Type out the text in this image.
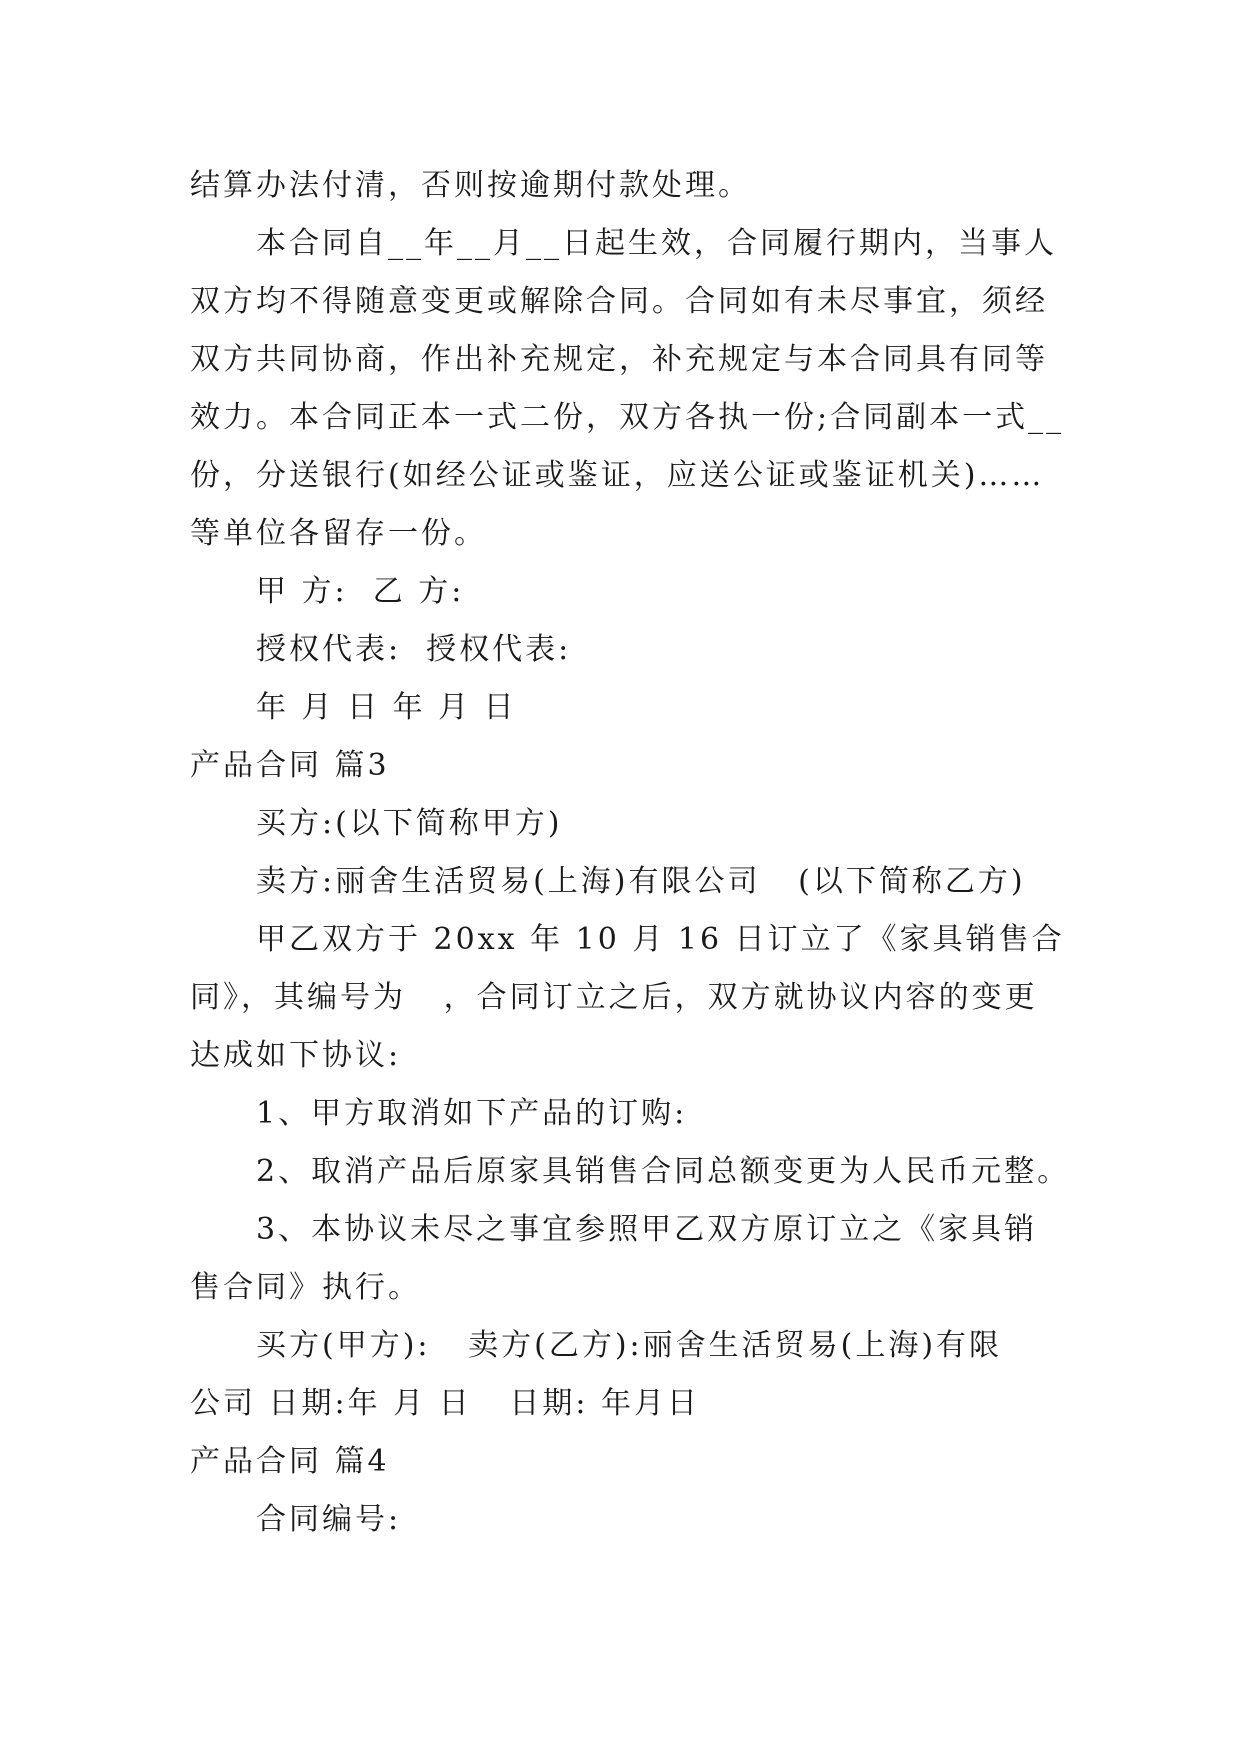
结算办法付清，否则按逾期付款处理。
本合同自__年__月__日起生效，合同履行期内，当事人
双方均不得随意变更或解除合同。合同如有未尽事宜，须经
双方共同协商，作出补充规定，补充规定与本合同具有同等
效力。本合同正本一式二份，双方各执一份;合同副本一式__
份，分送银行(如经公证或鉴证，应送公证或鉴证机关)……
等单位各留存一份。
甲 方:  乙 方:
授权代表:  授权代表:
年 月 日 年 月 日
产品合同 篇3
买方:(以下简称甲方)
卖方:丽舍生活贸易(上海)有限公司   (以下简称乙方)
甲乙双方于 20xx 年 10 月 16 日订立了《家具销售合
同》，其编号为   ，合同订立之后，双方就协议内容的变更
达成如下协议:
1、甲方取消如下产品的订购:
2、取消产品后原家具销售合同总额变更为人民币元整。
3、本协议未尽之事宜参照甲乙双方原订立之《家具销
售合同》执行。
买方(甲方):   卖方(乙方):丽舍生活贸易(上海)有限
公司 日期:年 月 日   日期: 年月日
产品合同 篇4
合同编号:
